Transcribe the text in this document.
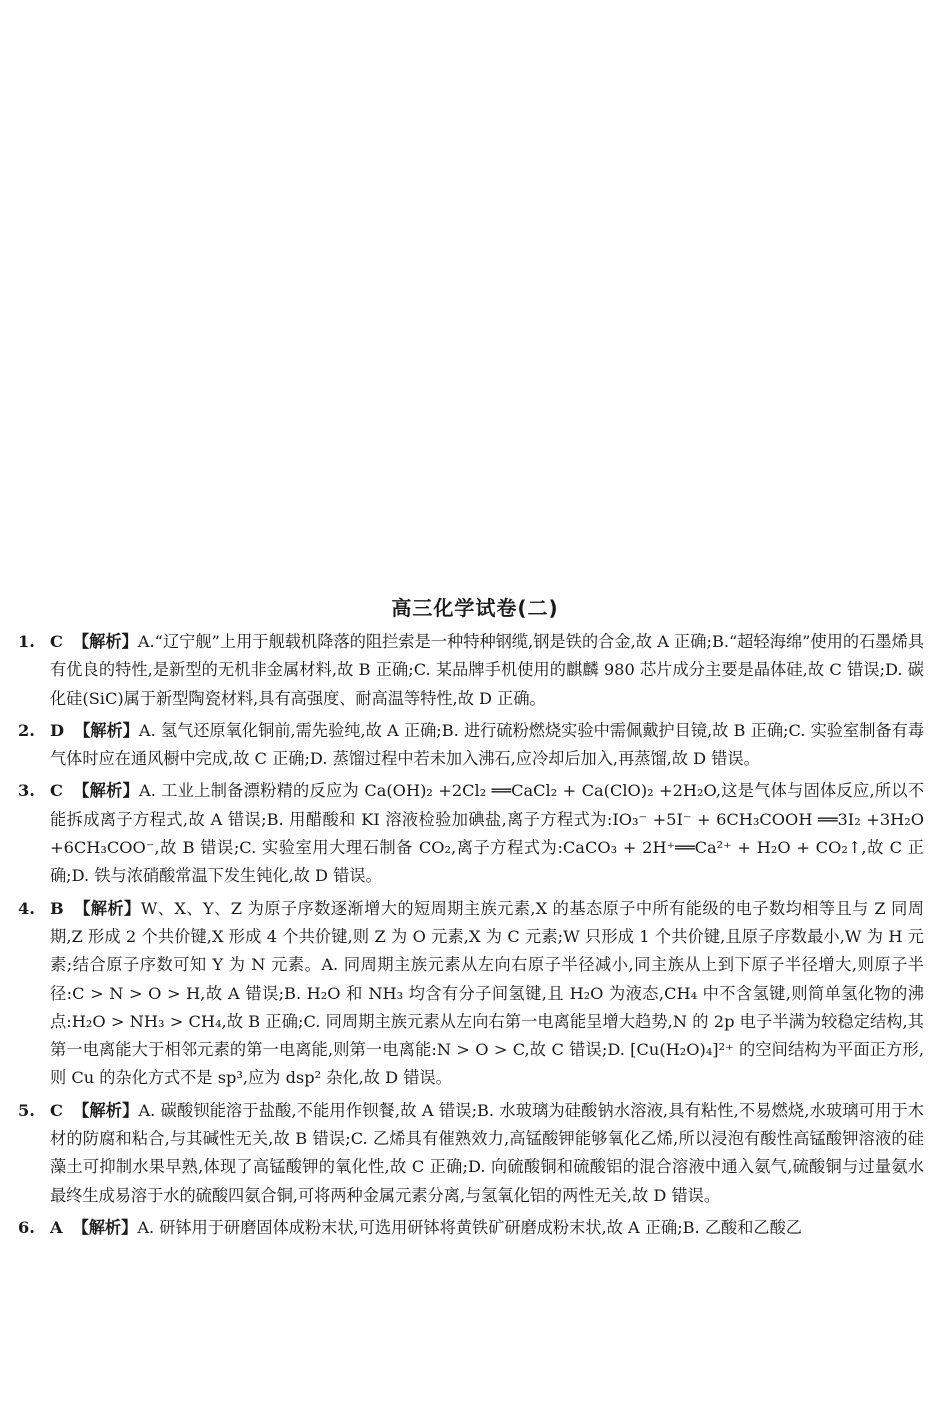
高三化学试卷(二)
1. C 【解析】A.“辽宁舰”上用于舰载机降落的阻拦索是一种特种钢缆,钢是铁的合金,故 A 正确;B.“超轻海绵”使用的石墨烯具有优良的特性,是新型的无机非金属材料,故 B 正确;C. 某品牌手机使用的麒麟 980 芯片成分主要是晶体硅,故 C 错误;D. 碳化硅(SiC)属于新型陶瓷材料,具有高强度、耐高温等特性,故 D 正确。
2. D 【解析】A. 氢气还原氧化铜前,需先验纯,故 A 正确;B. 进行硫粉燃烧实验中需佩戴护目镜,故 B 正确;C. 实验室制备有毒气体时应在通风橱中完成,故 C 正确;D. 蒸馏过程中若未加入沸石,应冷却后加入,再蒸馏,故 D 错误。
3. C 【解析】A. 工业上制备漂粉精的反应为 Ca(OH)₂ +2Cl₂ ══CaCl₂ + Ca(ClO)₂ +2H₂O,这是气体与固体反应,所以不能拆成离子方程式,故 A 错误;B. 用醋酸和 KI 溶液检验加碘盐,离子方程式为:IO₃⁻ +5I⁻ + 6CH₃COOH ══3I₂ +3H₂O +6CH₃COO⁻,故 B 错误;C. 实验室用大理石制备 CO₂,离子方程式为:CaCO₃ + 2H⁺══Ca²⁺ + H₂O + CO₂↑,故 C 正确;D. 铁与浓硝酸常温下发生钝化,故 D 错误。
4. B 【解析】W、X、Y、Z 为原子序数逐渐增大的短周期主族元素,X 的基态原子中所有能级的电子数均相等且与 Z 同周期,Z 形成 2 个共价键,X 形成 4 个共价键,则 Z 为 O 元素,X 为 C 元素;W 只形成 1 个共价键,且原子序数最小,W 为 H 元素;结合原子序数可知 Y 为 N 元素。A. 同周期主族元素从左向右原子半径减小,同主族从上到下原子半径增大,则原子半径:C > N > O > H,故 A 错误;B. H₂O 和 NH₃ 均含有分子间氢键,且 H₂O 为液态,CH₄ 中不含氢键,则简单氢化物的沸点:H₂O > NH₃ > CH₄,故 B 正确;C. 同周期主族元素从左向右第一电离能呈增大趋势,N 的 2p 电子半满为较稳定结构,其第一电离能大于相邻元素的第一电离能,则第一电离能:N > O > C,故 C 错误;D. [Cu(H₂O)₄]²⁺ 的空间结构为平面正方形,则 Cu 的杂化方式不是 sp³,应为 dsp² 杂化,故 D 错误。
5. C 【解析】A. 碳酸钡能溶于盐酸,不能用作钡餐,故 A 错误;B. 水玻璃为硅酸钠水溶液,具有粘性,不易燃烧,水玻璃可用于木材的防腐和粘合,与其碱性无关,故 B 错误;C. 乙烯具有催熟效力,高锰酸钾能够氧化乙烯,所以浸泡有酸性高锰酸钾溶液的硅藻土可抑制水果早熟,体现了高锰酸钾的氧化性,故 C 正确;D. 向硫酸铜和硫酸铝的混合溶液中通入氨气,硫酸铜与过量氨水最终生成易溶于水的硫酸四氨合铜,可将两种金属元素分离,与氢氧化铝的两性无关,故 D 错误。
6. A 【解析】A. 研钵用于研磨固体成粉末状,可选用研钵将黄铁矿研磨成粉末状,故 A 正确;B. 乙酸和乙酸乙
